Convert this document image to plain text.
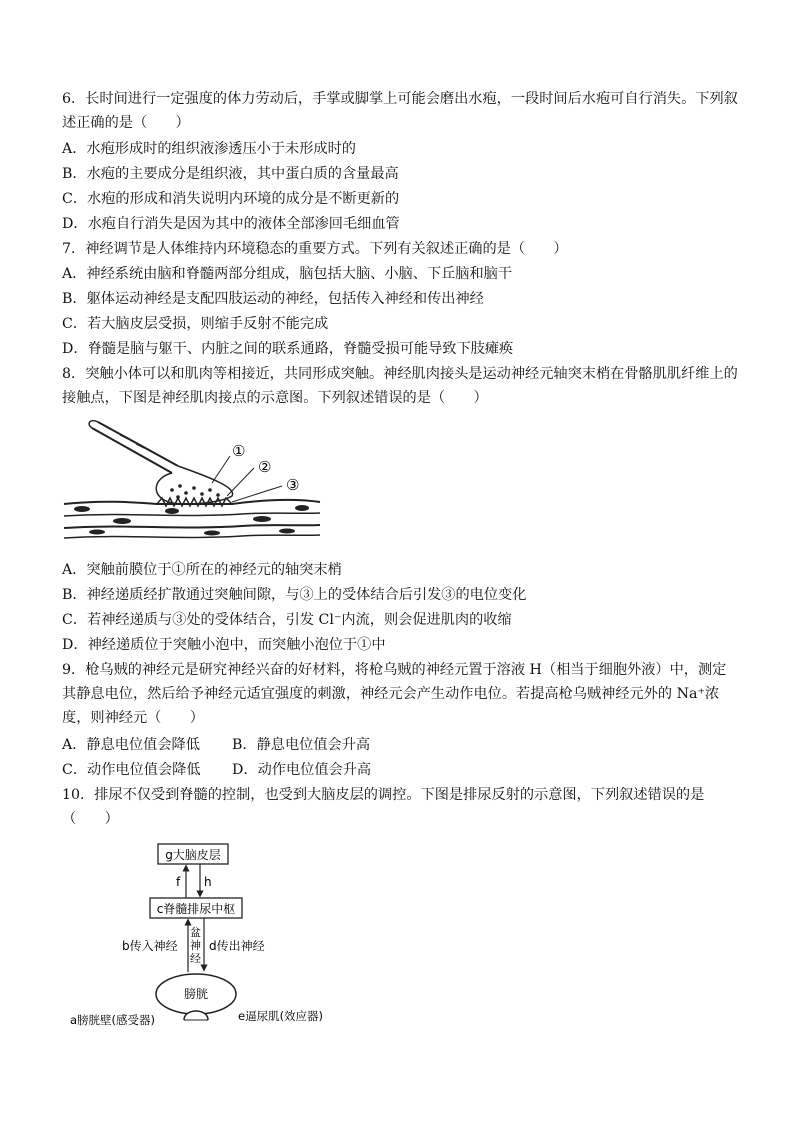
6．长时间进行一定强度的体力劳动后，手掌或脚掌上可能会磨出水疱，一段时间后水疱可自行消失。下列叙述正确的是（　　）
A．水疱形成时的组织液渗透压小于未形成时的
B．水疱的主要成分是组织液，其中蛋白质的含量最高
C．水疱的形成和消失说明内环境的成分是不断更新的
D．水疱自行消失是因为其中的液体全部渗回毛细血管
7．神经调节是人体维持内环境稳态的重要方式。下列有关叙述正确的是（　　）
A．神经系统由脑和脊髓两部分组成，脑包括大脑、小脑、下丘脑和脑干
B．躯体运动神经是支配四肢运动的神经，包括传入神经和传出神经
C．若大脑皮层受损，则缩手反射不能完成
D．脊髓是脑与躯干、内脏之间的联系通路，脊髓受损可能导致下肢瘫痪
8．突触小体可以和肌肉等相接近，共同形成突触。神经肌肉接头是运动神经元轴突末梢在骨骼肌肌纤维上的接触点，下图是神经肌肉接点的示意图。下列叙述错误的是（　　）
①
②
③
A．突触前膜位于①所在的神经元的轴突末梢
B．神经递质经扩散通过突触间隙，与③上的受体结合后引发③的电位变化
C．若神经递质与③处的受体结合，引发 Cl⁻内流，则会促进肌肉的收缩
D．神经递质位于突触小泡中，而突触小泡位于①中
9．枪乌贼的神经元是研究神经兴奋的好材料，将枪乌贼的神经元置于溶液 H（相当于细胞外液）中，测定其静息电位，然后给予神经元适宜强度的刺激，神经元会产生动作电位。若提高枪乌贼神经元外的 Na⁺浓度，则神经元（　　）
A．静息电位值会降低 B．静息电位值会升高
C．动作电位值会降低 D．动作电位值会升高
10．排尿不仅受到脊髓的控制，也受到大脑皮层的调控。下图是排尿反射的示意图，下列叙述错误的是（　　）
g大脑皮层
c脊髓排尿中枢
f h
b传入神经
盆
神
经
d传出神经
膀胱
a膀胱壁(感受器)	e逼尿肌(效应器)
